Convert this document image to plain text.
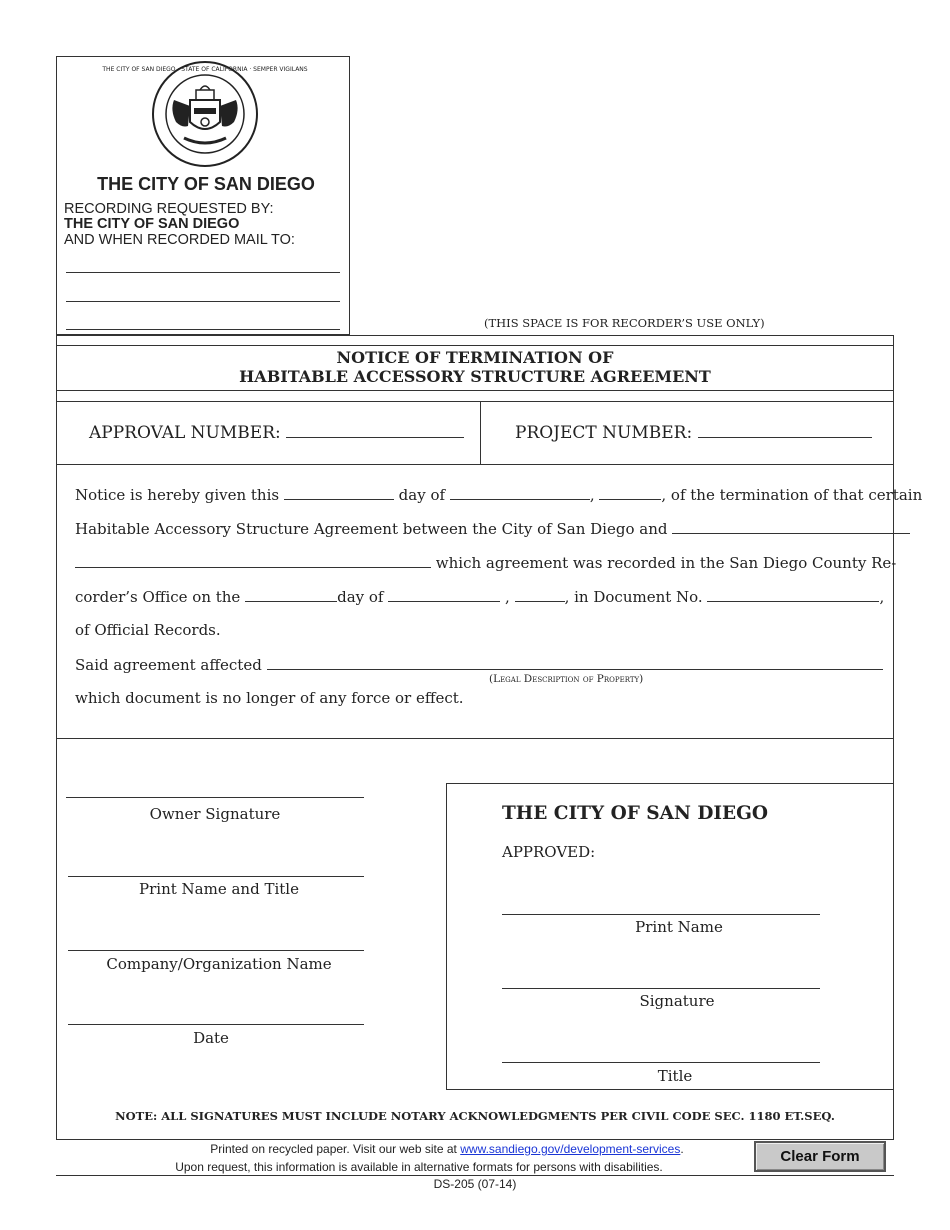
THE CITY OF SAN DIEGO · STATE OF CALIFORNIA · SEMPER VIGILANS
THE CITY OF SAN DIEGO
RECORDING REQUESTED BY:
THE CITY OF SAN DIEGO
AND WHEN RECORDED MAIL TO:
(THIS SPACE IS FOR RECORDER’S USE ONLY)
NOTICE OF TERMINATION OF
HABITABLE ACCESSORY STRUCTURE AGREEMENT
APPROVAL NUMBER:	PROJECT NUMBER:
Notice is hereby given this	day of	,	, of the termination of that certain
Habitable Accessory Structure Agreement between the City of San Diego and
which agreement was recorded in the San Diego County Re-
corder’s Office on the	day of	,	, in Document No.	,
of Official Records.
Said agreement affected
(Legal Description of Property)
which document is no longer of any force or effect.
Owner Signature
Print Name and Title
Company/Organization Name
Date
THE CITY OF SAN DIEGO
APPROVED:
Print Name
Signature
Title
NOTE: ALL SIGNATURES MUST INCLUDE NOTARY ACKNOWLEDGMENTS PER CIVIL CODE SEC. 1180 ET.SEQ.
Printed on recycled paper. Visit our web site at www.sandiego.gov/development-services.
Upon request, this information is available in alternative formats for persons with disabilities.
Clear Form
DS-205 (07-14)
